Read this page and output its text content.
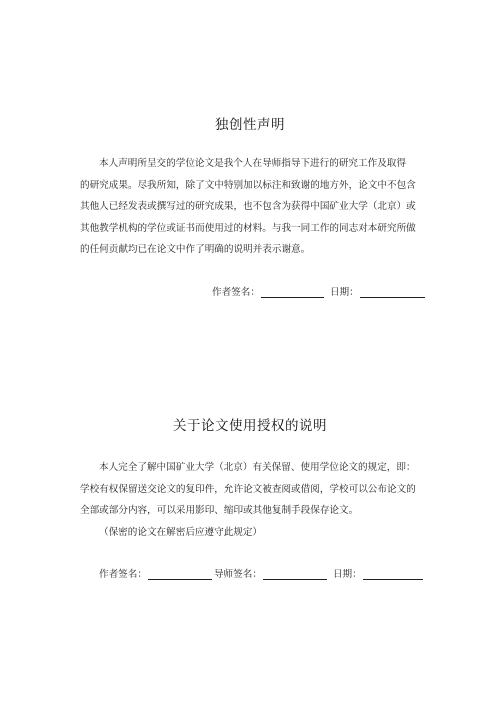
独创性声明
本人声明所呈交的学位论文是我个人在导师指导下进行的研究工作及取得
的研究成果。尽我所知，除了文中特别加以标注和致谢的地方外，论文中不包含
其他人已经发表或撰写过的研究成果，也不包含为获得中国矿业大学（北京）或
其他教学机构的学位或证书而使用过的材料。与我一同工作的同志对本研究所做
的任何贡献均已在论文中作了明确的说明并表示谢意。
作者签名：	日期：
关于论文使用授权的说明
本人完全了解中国矿业大学（北京）有关保留、使用学位论文的规定，即：
学校有权保留送交论文的复印件，允许论文被查阅或借阅，学校可以公布论文的
全部或部分内容，可以采用影印、缩印或其他复制手段保存论文。
（保密的论文在解密后应遵守此规定）
作者签名：	导师签名：	日期：
